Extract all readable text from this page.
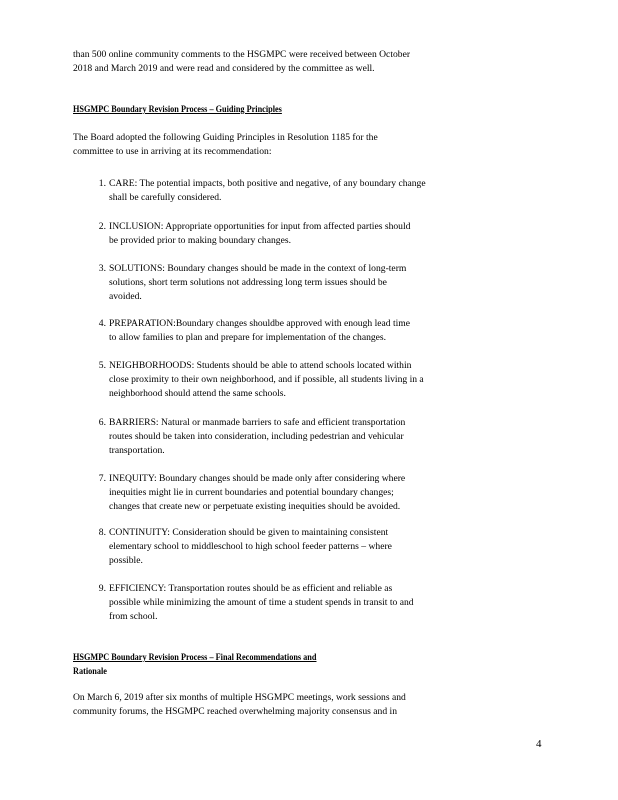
than 500 online community comments to the HSGMPC were received between October
2018 and March 2019 and were read and considered by the committee as well.
HSGMPC Boundary Revision Process – Guiding Principles
The Board adopted the following Guiding Principles in Resolution 1185 for the
committee to use in arriving at its recommendation:
1. CARE: The potential impacts, both positive and negative, of any boundary change
shall be carefully considered.
2. INCLUSION: Appropriate opportunities for input from affected parties should
be provided prior to making boundary changes.
3. SOLUTIONS: Boundary changes should be made in the context of long-term
solutions, short term solutions not addressing long term issues should be
avoided.
4. PREPARATION:Boundary changes shouldbe approved with enough lead time
to allow families to plan and prepare for implementation of the changes.
5. NEIGHBORHOODS: Students should be able to attend schools located within
close proximity to their own neighborhood, and if possible, all students living in a
neighborhood should attend the same schools.
6. BARRIERS: Natural or manmade barriers to safe and efficient transportation
routes should be taken into consideration, including pedestrian and vehicular
transportation.
7. INEQUITY: Boundary changes should be made only after considering where
inequities might lie in current boundaries and potential boundary changes;
changes that create new or perpetuate existing inequities should be avoided.
8. CONTINUITY: Consideration should be given to maintaining consistent
elementary school to middleschool to high school feeder patterns – where
possible.
9. EFFICIENCY: Transportation routes should be as efficient and reliable as
possible while minimizing the amount of time a student spends in transit to and
from school.
HSGMPC Boundary Revision Process – Final Recommendations and
Rationale
On March 6, 2019 after six months of multiple HSGMPC meetings, work sessions and
community forums, the HSGMPC reached overwhelming majority consensus and in
4
